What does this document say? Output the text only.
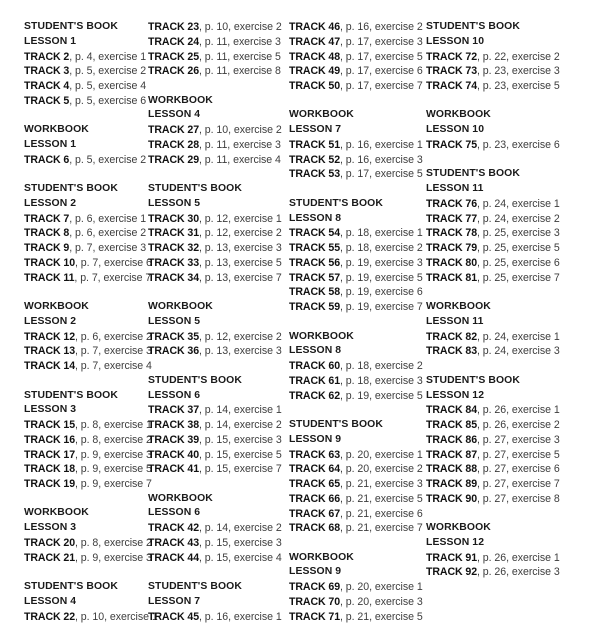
STUDENT'S BOOK
LESSON 1
TRACK 2, p. 4, exercise 1
TRACK 3, p. 5, exercise 2
TRACK 4, p. 5, exercise 4
TRACK 5, p. 5, exercise 6
WORKBOOK
LESSON 1
TRACK 6, p. 5, exercise 2
STUDENT'S BOOK
LESSON 2
TRACK 7, p. 6, exercise 1
TRACK 8, p. 6, exercise 2
TRACK 9, p. 7, exercise 3
TRACK 10, p. 7, exercise 6
TRACK 11, p. 7, exercise 7
WORKBOOK
LESSON 2
TRACK 12, p. 6, exercise 2
TRACK 13, p. 7, exercise 3
TRACK 14, p. 7, exercise 4
STUDENT'S BOOK
LESSON 3
TRACK 15, p. 8, exercise 1
TRACK 16, p. 8, exercise 2
TRACK 17, p. 9, exercise 3
TRACK 18, p. 9, exercise 5
TRACK 19, p. 9, exercise 7
WORKBOOK
LESSON 3
TRACK 20, p. 8, exercise 2
TRACK 21, p. 9, exercise 3
STUDENT'S BOOK
LESSON 4
TRACK 22, p. 10, exercise 1
TRACK 23, p. 10, exercise 2
TRACK 24, p. 11, exercise 3
TRACK 25, p. 11, exercise 5
TRACK 26, p. 11, exercise 8
WORKBOOK
LESSON 4
TRACK 27, p. 10, exercise 2
TRACK 28, p. 11, exercise 3
TRACK 29, p. 11, exercise 4
STUDENT'S BOOK
LESSON 5
TRACK 30, p. 12, exercise 1
TRACK 31, p. 12, exercise 2
TRACK 32, p. 13, exercise 3
TRACK 33, p. 13, exercise 5
TRACK 34, p. 13, exercise 7
WORKBOOK
LESSON 5
TRACK 35, p. 12, exercise 2
TRACK 36, p. 13, exercise 3
STUDENT'S BOOK
LESSON 6
TRACK 37, p. 14, exercise 1
TRACK 38, p. 14, exercise 2
TRACK 39, p. 15, exercise 3
TRACK 40, p. 15, exercise 5
TRACK 41, p. 15, exercise 7
WORKBOOK
LESSON 6
TRACK 42, p. 14, exercise 2
TRACK 43, p. 15, exercise 3
TRACK 44, p. 15, exercise 4
STUDENT'S BOOK
LESSON 7
TRACK 45, p. 16, exercise 1
TRACK 46, p. 16, exercise 2
TRACK 47, p. 17, exercise 3
TRACK 48, p. 17, exercise 5
TRACK 49, p. 17, exercise 6
TRACK 50, p. 17, exercise 7
WORKBOOK
LESSON 7
TRACK 51, p. 16, exercise 1
TRACK 52, p. 16, exercise 3
TRACK 53, p. 17, exercise 5
STUDENT'S BOOK
LESSON 8
TRACK 54, p. 18, exercise 1
TRACK 55, p. 18, exercise 2
TRACK 56, p. 19, exercise 3
TRACK 57, p. 19, exercise 5
TRACK 58, p. 19, exercise 6
TRACK 59, p. 19, exercise 7
WORKBOOK
LESSON 8
TRACK 60, p. 18, exercise 2
TRACK 61, p. 18, exercise 3
TRACK 62, p. 19, exercise 5
STUDENT'S BOOK
LESSON 9
TRACK 63, p. 20, exercise 1
TRACK 64, p. 20, exercise 2
TRACK 65, p. 21, exercise 3
TRACK 66, p. 21, exercise 5
TRACK 67, p. 21, exercise 6
TRACK 68, p. 21, exercise 7
WORKBOOK
LESSON 9
TRACK 69, p. 20, exercise 1
TRACK 70, p. 20, exercise 3
TRACK 71, p. 21, exercise 5
STUDENT'S BOOK
LESSON 10
TRACK 72, p. 22, exercise 2
TRACK 73, p. 23, exercise 3
TRACK 74, p. 23, exercise 5
WORKBOOK
LESSON 10
TRACK 75, p. 23, exercise 6
STUDENT'S BOOK
LESSON 11
TRACK 76, p. 24, exercise 1
TRACK 77, p. 24, exercise 2
TRACK 78, p. 25, exercise 3
TRACK 79, p. 25, exercise 5
TRACK 80, p. 25, exercise 6
TRACK 81, p. 25, exercise 7
WORKBOOK
LESSON 11
TRACK 82, p. 24, exercise 1
TRACK 83, p. 24, exercise 3
STUDENT'S BOOK
LESSON 12
TRACK 84, p. 26, exercise 1
TRACK 85, p. 26, exercise 2
TRACK 86, p. 27, exercise 3
TRACK 87, p. 27, exercise 5
TRACK 88, p. 27, exercise 6
TRACK 89, p. 27, exercise 7
TRACK 90, p. 27, exercise 8
WORKBOOK
LESSON 12
TRACK 91, p. 26, exercise 1
TRACK 92, p. 26, exercise 3
